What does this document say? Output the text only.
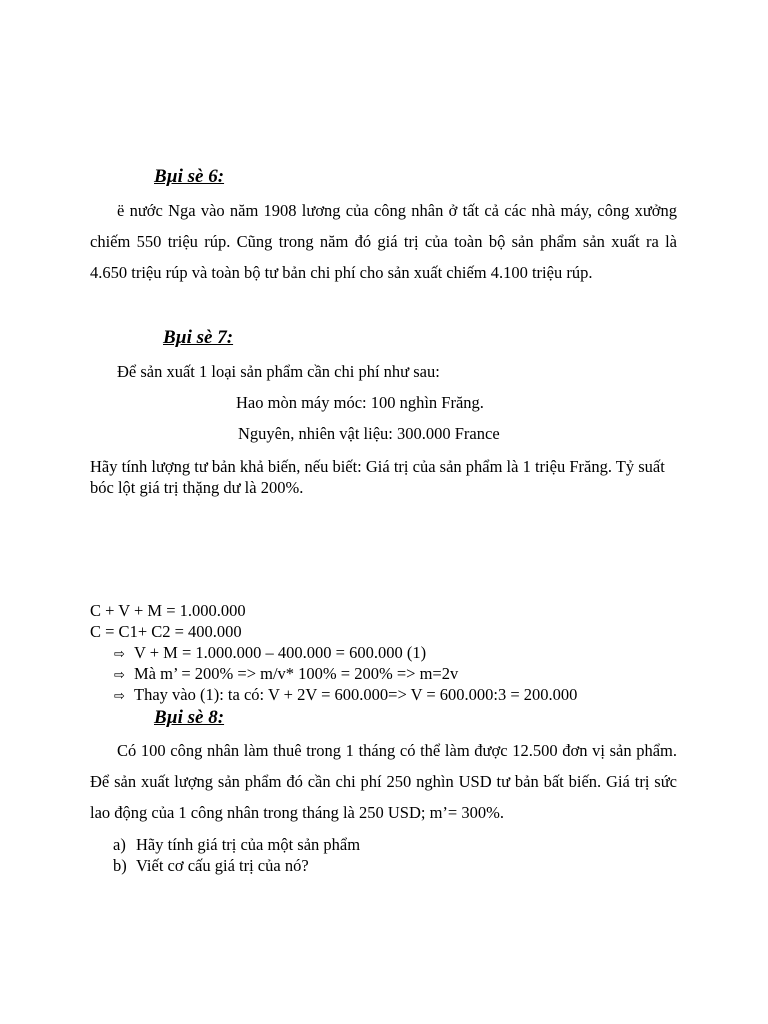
Bµi sè 6:

ë nước Nga vào năm 1908 lương của công nhân ở tất cả các nhà máy, công xưởng chiếm 550 triệu rúp. Cũng trong năm đó giá trị của toàn bộ sản phẩm sản xuất ra là 4.650 triệu rúp và toàn bộ tư bản chi phí cho sản xuất chiếm 4.100 triệu rúp.

Bµi sè 7:

Để sản xuất 1 loại sản phẩm cần chi phí như sau:

Hao mòn máy móc: 100 nghìn Frăng.

Nguyên, nhiên vật liệu: 300.000 France

Hãy tính lượng tư bản khả biến, nếu biết: Giá trị của sản phẩm là 1 triệu Frăng. Tỷ suất bóc lột giá trị thặng dư là 200%.

C + V + M = 1.000.000

C = C1+ C2 = 400.000

⇨ V + M = 1.000.000 – 400.000 = 600.000 (1)
⇨ Mà m’ = 200% => m/v* 100% = 200% => m=2v
⇨ Thay vào (1): ta có: V + 2V = 600.000=> V = 600.000:3 = 200.000
Bµi sè 8:

Có 100 công nhân làm thuê trong 1 tháng có thể làm được 12.500 đơn vị sản phẩm. Để sản xuất lượng sản phẩm đó cần chi phí 250 nghìn USD tư bản bất biến. Giá trị sức lao động của 1 công nhân trong tháng là 250 USD; m’= 300%.

a) Hãy tính giá trị của một sản phẩm
b) Viết cơ cấu giá trị của nó?
